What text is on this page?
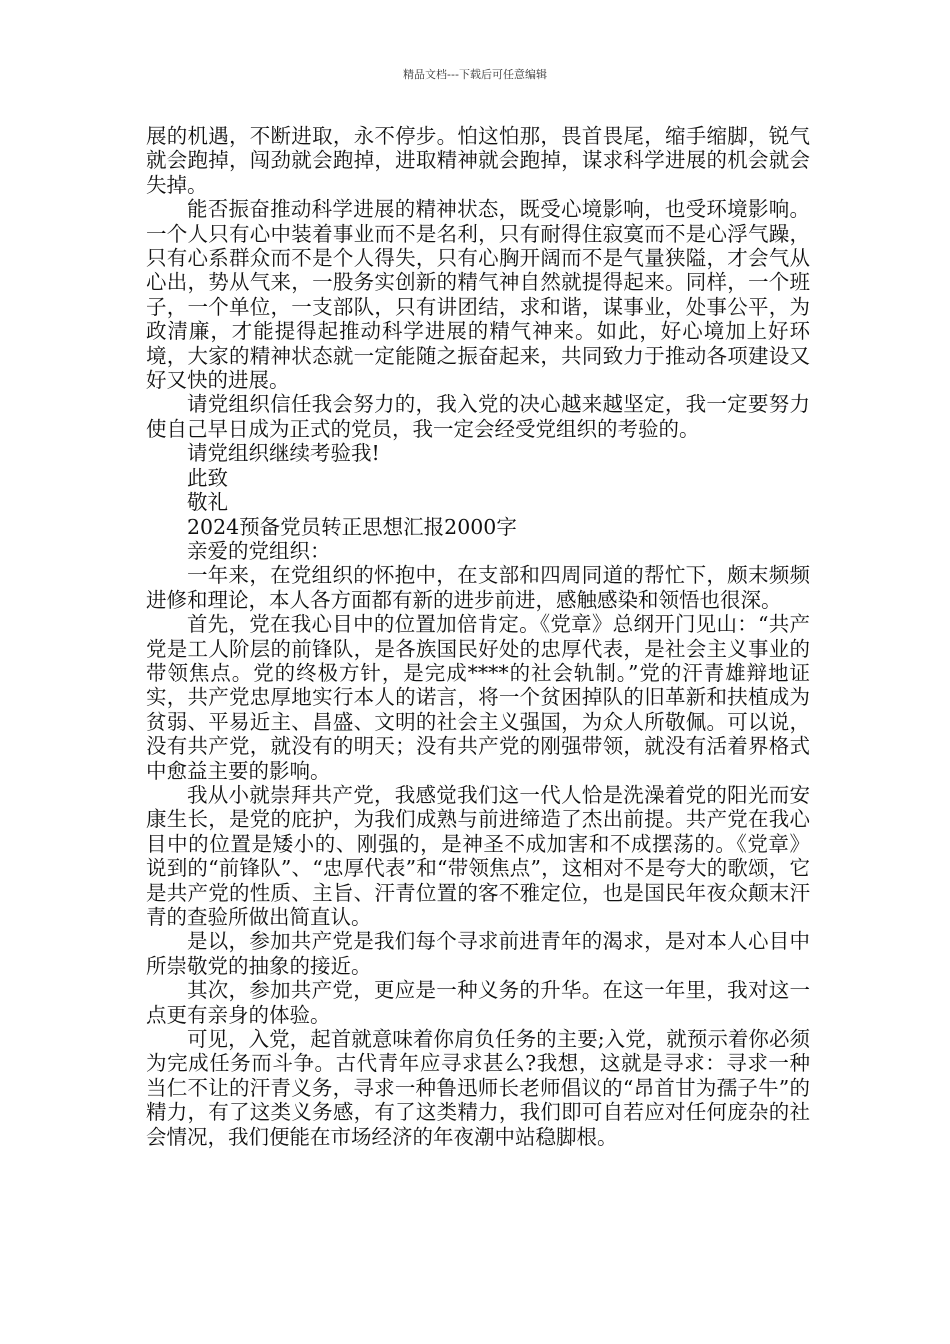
精品文档---下载后可任意编辑

展的机遇，不断进取，永不停步。怕这怕那，畏首畏尾，缩手缩脚，锐气就会跑掉，闯劲就会跑掉，进取精神就会跑掉，谋求科学进展的机会就会失掉。

能否振奋推动科学进展的精神状态，既受心境影响，也受环境影响。一个人只有心中装着事业而不是名利，只有耐得住寂寞而不是心浮气躁，只有心系群众而不是个人得失，只有心胸开阔而不是气量狭隘，才会气从心出，势从气来，一股务实创新的精气神自然就提得起来。同样，一个班子，一个单位，一支部队，只有讲团结，求和谐，谋事业，处事公平，为政清廉，才能提得起推动科学进展的精气神来。如此，好心境加上好环境，大家的精神状态就一定能随之振奋起来，共同致力于推动各项建设又好又快的进展。

请党组织信任我会努力的，我入党的决心越来越坚定，我一定要努力使自己早日成为正式的党员，我一定会经受党组织的考验的。

请党组织继续考验我!

此致

敬礼

2024预备党员转正思想汇报2000字

亲爱的党组织：

一年来，在党组织的怀抱中，在支部和四周同道的帮忙下，颇末频频进修和理论，本人各方面都有新的进步前进，感触感染和领悟也很深。

首先，党在我心目中的位置加倍肯定。《党章》总纲开门见山：“共产党是工人阶层的前锋队，是各族国民好处的忠厚代表，是社会主义事业的带领焦点。党的终极方针，是完成****的社会轨制。”党的汗青雄辩地证实，共产党忠厚地实行本人的诺言，将一个贫困掉队的旧革新和扶植成为贫弱、平易近主、昌盛、文明的社会主义强国，为众人所敬佩。可以说，没有共产党，就没有的明天；没有共产党的刚强带领，就没有活着界格式中愈益主要的影响。

我从小就崇拜共产党，我感觉我们这一代人恰是洗澡着党的阳光而安康生长，是党的庇护，为我们成熟与前进缔造了杰出前提。共产党在我心目中的位置是矮小的、刚强的，是神圣不成加害和不成摆荡的。《党章》说到的“前锋队”、“忠厚代表”和“带领焦点”，这相对不是夸大的歌颂，它是共产党的性质、主旨、汗青位置的客不雅定位，也是国民年夜众颠末汗青的查验所做出简直认。

是以，参加共产党是我们每个寻求前进青年的渴求，是对本人心目中所崇敬党的抽象的接近。

其次，参加共产党，更应是一种义务的升华。在这一年里，我对这一点更有亲身的体验。

可见，入党，起首就意味着你肩负任务的主要;入党，就预示着你必须为完成任务而斗争。古代青年应寻求甚么?我想，这就是寻求：寻求一种当仁不让的汗青义务，寻求一种鲁迅师长老师倡议的“昂首甘为孺子牛”的精力，有了这类义务感，有了这类精力，我们即可自若应对任何庞杂的社会情况，我们便能在市场经济的年夜潮中站稳脚根。
